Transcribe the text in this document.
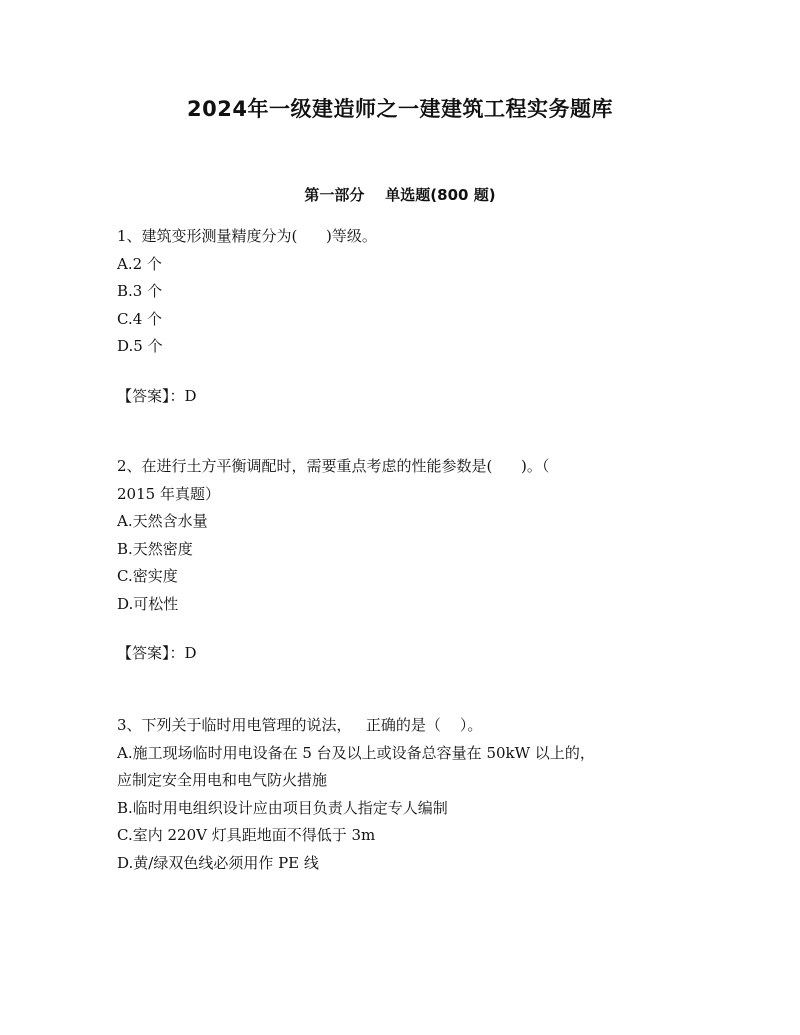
2024年一级建造师之一建建筑工程实务题库
第一部分    单选题(800 题)
1、建筑变形测量精度分为(      )等级。
A.2 个
B.3 个
C.4 个
D.5 个
【答案】：D
2、在进行土方平衡调配时，需要重点考虑的性能参数是(      )。（
2015 年真题）
A.天然含水量
B.天然密度
C.密实度
D.可松性
【答案】：D
3、下列关于临时用电管理的说法，   正确的是（    ）。
A.施工现场临时用电设备在 5 台及以上或设备总容量在 50kW 以上的，
应制定安全用电和电气防火措施
B.临时用电组织设计应由项目负责人指定专人编制
C.室内 220V 灯具距地面不得低于 3m
D.黄/绿双色线必须用作 PE 线
